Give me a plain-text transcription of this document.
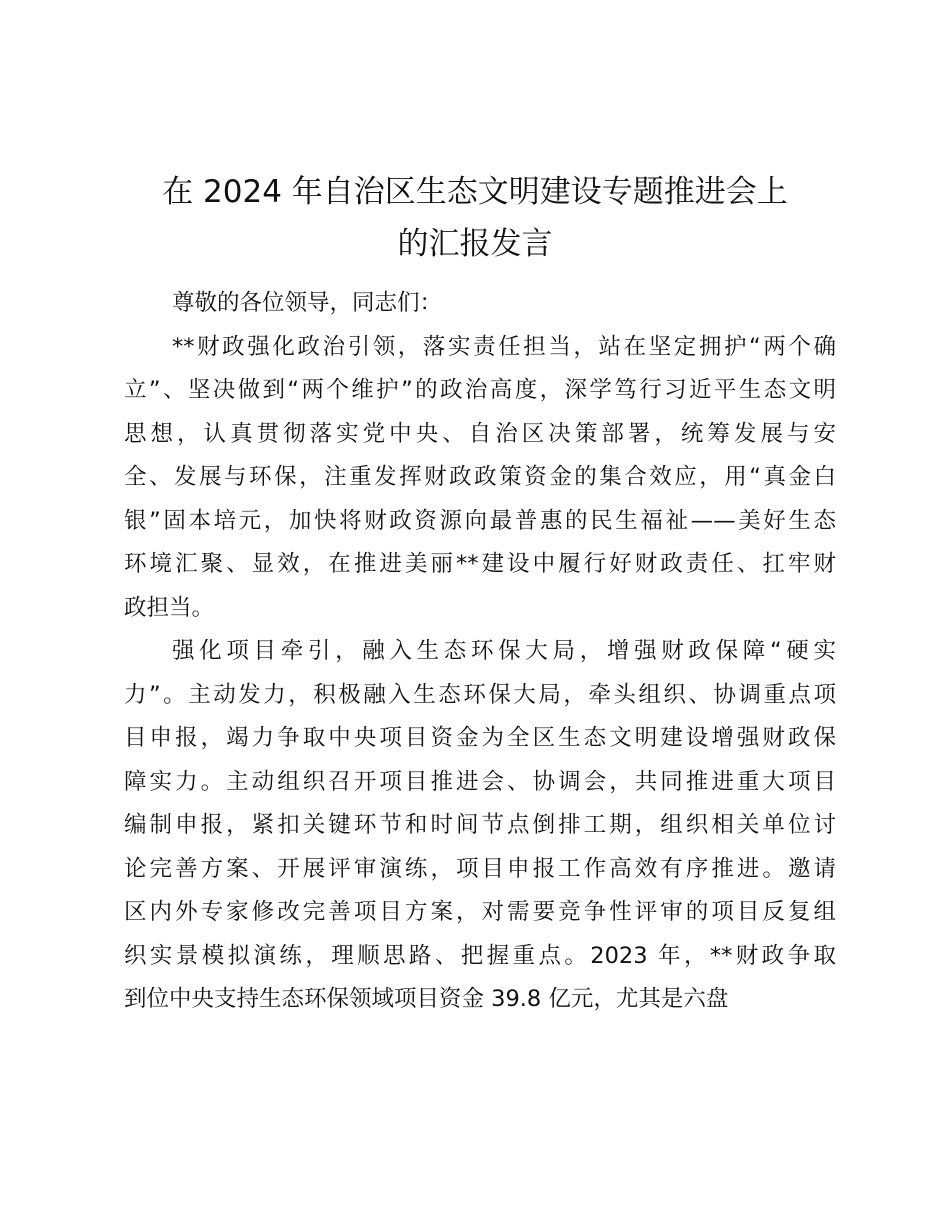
在 2024 年自治区生态文明建设专题推进会上
的汇报发言
尊敬的各位领导，同志们：
**财政强化政治引领，落实责任担当，站在坚定拥护“两个确
立”、坚决做到“两个维护”的政治高度，深学笃行习近平生态文明
思想，认真贯彻落实党中央、自治区决策部署，统筹发展与安
全、发展与环保，注重发挥财政政策资金的集合效应，用“真金白
银”固本培元，加快将财政资源向最普惠的民生福祉——美好生态
环境汇聚、显效，在推进美丽**建设中履行好财政责任、扛牢财
政担当。
强化项目牵引，融入生态环保大局，增强财政保障“硬实
力”。主动发力，积极融入生态环保大局，牵头组织、协调重点项
目申报，竭力争取中央项目资金为全区生态文明建设增强财政保
障实力。主动组织召开项目推进会、协调会，共同推进重大项目
编制申报，紧扣关键环节和时间节点倒排工期，组织相关单位讨
论完善方案、开展评审演练，项目申报工作高效有序推进。邀请
区内外专家修改完善项目方案，对需要竞争性评审的项目反复组
织实景模拟演练，理顺思路、把握重点。2023 年，**财政争取
到位中央支持生态环保领域项目资金 39.8 亿元，尤其是六盘
